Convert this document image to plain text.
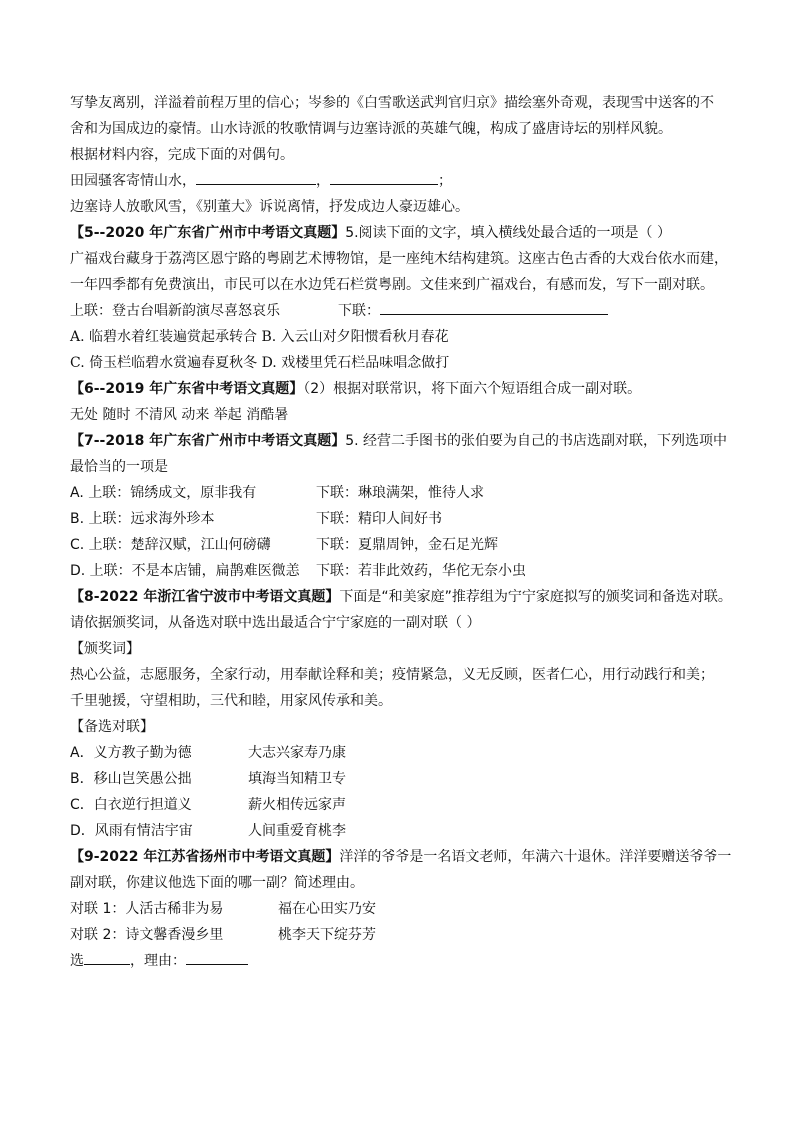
写挚友离别，洋溢着前程万里的信心；岑参的《白雪歌送武判官归京》描绘塞外奇观，表现雪中送客的不
舍和为国成边的豪情。山水诗派的牧歌情调与边塞诗派的英雄气魄，构成了盛唐诗坛的别样风貌。
根据材料内容，完成下面的对偶句。
田园骚客寄情山水，	，	；
边塞诗人放歌风雪，《别董大》诉说离情，抒发成边人豪迈雄心。
【5--2020 年广东省广州市中考语文真题】5.阅读下面的文字，填入横线处最合适的一项是（ ）
广福戏台藏身于荔湾区恩宁路的粤剧艺术博物馆，是一座纯木结构建筑。这座古色古香的大戏台依水而建，
一年四季都有免费演出，市民可以在水边凭石栏赏粤剧。文佳来到广福戏台，有感而发，写下一副对联。
上联：登古台唱新韵演尽喜怒哀乐	下联：
A. 临碧水着红装遍赏起承转合 B. 入云山对夕阳惯看秋月春花
C. 倚玉栏临碧水赏遍春夏秋冬 D. 戏楼里凭石栏品味唱念做打
【6--2019 年广东省中考语文真题】（2）根据对联常识，将下面六个短语组合成一副对联。
无处 随时 不清风 动来 举起 消酷暑
【7--2018 年广东省广州市中考语文真题】5. 经营二手图书的张伯要为自己的书店选副对联，下列选项中
最恰当的一项是
A. 上联：锦绣成文，原非我有	下联：琳琅满架，惟待人求
B. 上联：远求海外珍本	下联：精印人间好书
C. 上联：楚辞汉赋，江山何磅礴	下联：夏鼎周钟，金石足光辉
D. 上联：不是本店铺，扁鹊难医微恙 下联：若非此效药，华佗无奈小虫
【8-2022 年浙江省宁波市中考语文真题】下面是“和美家庭”推荐组为宁宁家庭拟写的颁奖词和备选对联。
请依据颁奖词，从备选对联中选出最适合宁宁家庭的一副对联（ ）
【颁奖词】
热心公益，志愿服务，全家行动，用奉献诠释和美；疫情紧急，义无反顾，医者仁心，用行动践行和美；
千里驰援，守望相助，三代和睦，用家风传承和美。
【备选对联】
A．义方教子勤为德	大志兴家寿乃康
B．移山岂笑愚公拙	填海当知精卫专
C．白衣逆行担道义	薪火相传远家声
D．风雨有情洁宇宙	人间重爱育桃李
【9-2022 年江苏省扬州市中考语文真题】洋洋的爷爷是一名语文老师，年满六十退休。洋洋要赠送爷爷一
副对联，你建议他选下面的哪一副？简述理由。
对联 1：人活古稀非为易	福在心田实乃安
对联 2：诗文馨香漫乡里	桃李天下绽芬芳
选	，理由：
